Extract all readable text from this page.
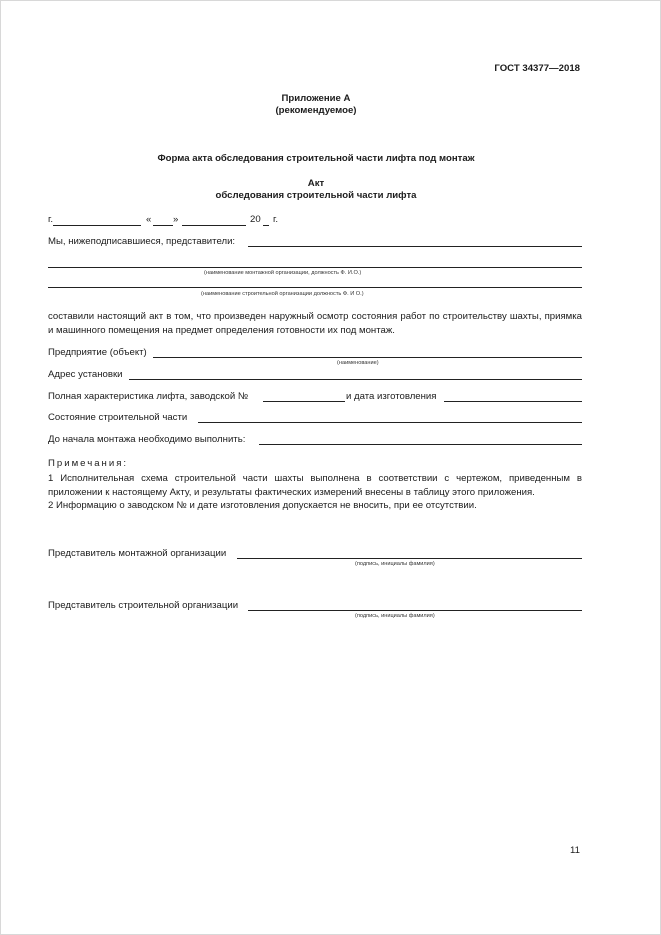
ГОСТ 34377—2018
Приложение А
(рекомендуемое)
Форма акта обследования строительной части лифта под монтаж
Акт
обследования строительной части лифта
г.	« »	20 г.
Мы, нижеподписавшиеся, представители:
(наименование монтажной организации, должность Ф. И.О.)
(наименование строительной организации должность Ф. И О.)
составили настоящий акт в том, что произведен наружный осмотр состояния работ по строительству шахты, приямка и машинного помещения на предмет определения готовности их под монтаж.
Предприятие (объект)
(наименование)
Адрес установки
Полная характеристика лифта, заводской №	и дата изготовления
Состояние строительной части
До начала монтажа необходимо выполнить:
Примечания:
1 Исполнительная схема строительной части шахты выполнена в соответствии с чертежом, приведенным в приложении к настоящему Акту, и результаты фактических измерений внесены в таблицу этого приложения.
2 Информацию о заводском № и дате изготовления допускается не вносить, при ее отсутствии.
Представитель монтажной организации
(подпись, инициалы фамилия)
Представитель строительной организации
(подпись, инициалы фамилия)
11
